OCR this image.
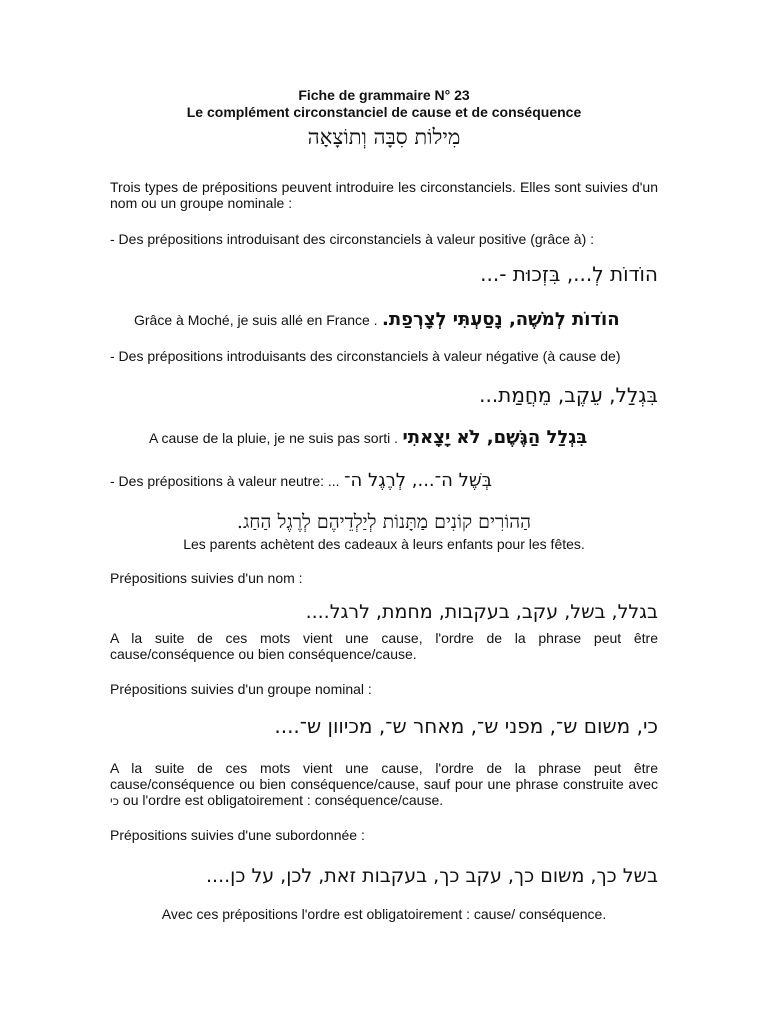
Fiche de grammaire N° 23
Le complément circonstanciel de cause et de conséquence
מִילוֹת סִבָּה וְתוֹצָאָה
Trois types de prépositions peuvent introduire les circonstanciels. Elles sont suivies d'un nom ou un groupe nominale :
- Des prépositions introduisant des circonstanciels à valeur positive (grâce à) :
הוֹדוֹת לְ..., בִּזְכוּת -...
Grâce à Moché, je suis allé en France . הוֹדוֹת לְמֹשֶׁה, נָסַעְתִּי לְצָרְפַת.
- Des prépositions introduisants des circonstanciels à valeur négative (à cause de)
בִּגְלַל, עֵקֶב, מֵחֲמַת...
A cause de la pluie, je ne suis pas sorti . בִּגְלַל הַגֶּשֶׁם, לֹא יָצָאתִי
- Des prépositions à valeur neutre: ... בְּשֶׁל ה־..., לְרֶגֶל ה־
הַהוֹרִים קוֹנִים מַתָּנוֹת לְיַלְדֵיהֶם לְרֶגֶל הַחַג.
Les parents achètent des cadeaux à leurs enfants pour les fêtes.
Prépositions suivies d'un nom :
בגלל, בשל, עקב, בעקבות, מחמת, לרגל....
A la suite de ces mots vient une cause, l'ordre de la phrase peut être cause/conséquence ou bien conséquence/cause.
Prépositions suivies d'un groupe nominal :
כי, משום ש־, מפני ש־, מאחר ש־, מכיוון ש־....
A la suite de ces mots vient une cause, l'ordre de la phrase peut être cause/conséquence ou bien conséquence/cause, sauf pour une phrase construite avec כי ou l'ordre est obligatoirement : conséquence/cause.
Prépositions suivies d'une subordonnée :
בשל כך, משום כך, עקב כך, בעקבות זאת, לכן, על כן....
Avec ces prépositions l'ordre est obligatoirement : cause/ conséquence.
